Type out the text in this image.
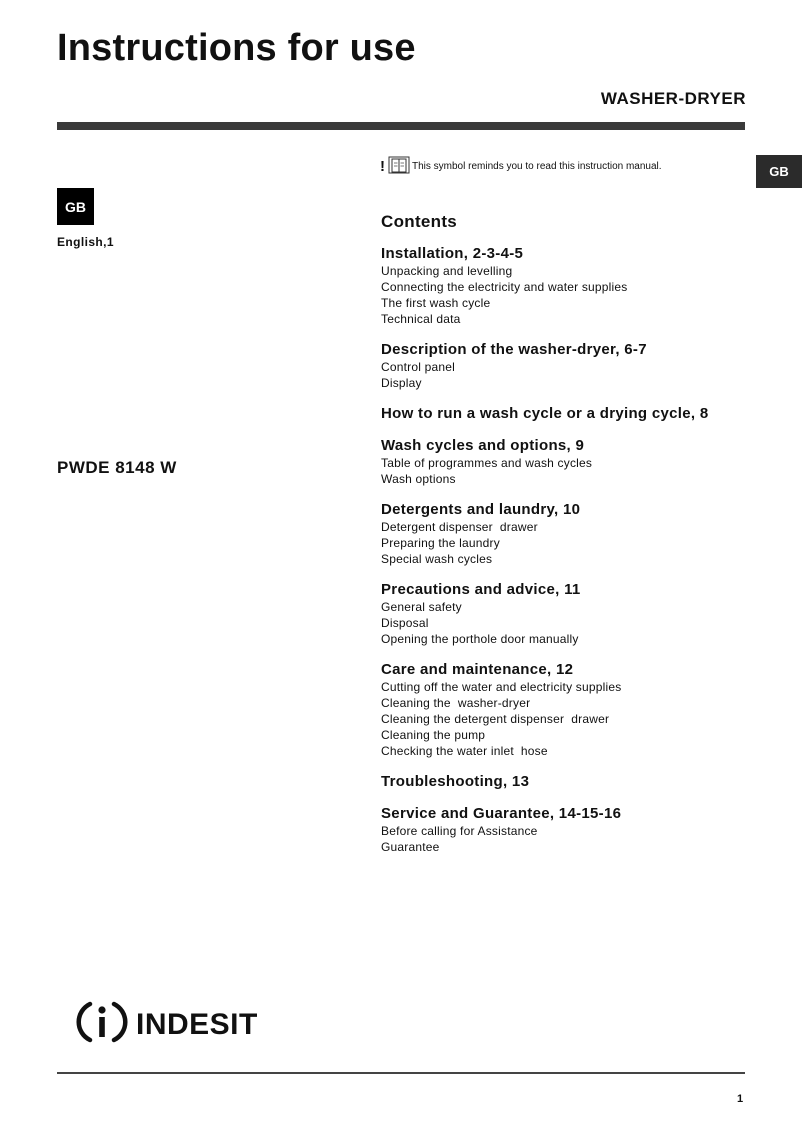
Instructions for use
WASHER-DRYER
GB
GB
English,1
PWDE 8148 W
!	This symbol reminds you to read this instruction manual.
Contents
Installation, 2-3-4-5
Unpacking and levelling
Connecting the electricity and water supplies
The first wash cycle
Technical data
Description of the washer-dryer, 6-7
Control panel
Display
How to run a wash cycle or a drying cycle, 8
Wash cycles and options, 9
Table of programmes and wash cycles
Wash options
Detergents and laundry, 10
Detergent dispenser  drawer
Preparing the laundry
Special wash cycles
Precautions and advice, 11
General safety
Disposal
Opening the porthole door manually
Care and maintenance, 12
Cutting off the water and electricity supplies
Cleaning the  washer-dryer
Cleaning the detergent dispenser  drawer
Cleaning the pump
Checking the water inlet  hose
Troubleshooting, 13
Service and Guarantee, 14-15-16
Before calling for Assistance
Guarantee
INDESIT
1
